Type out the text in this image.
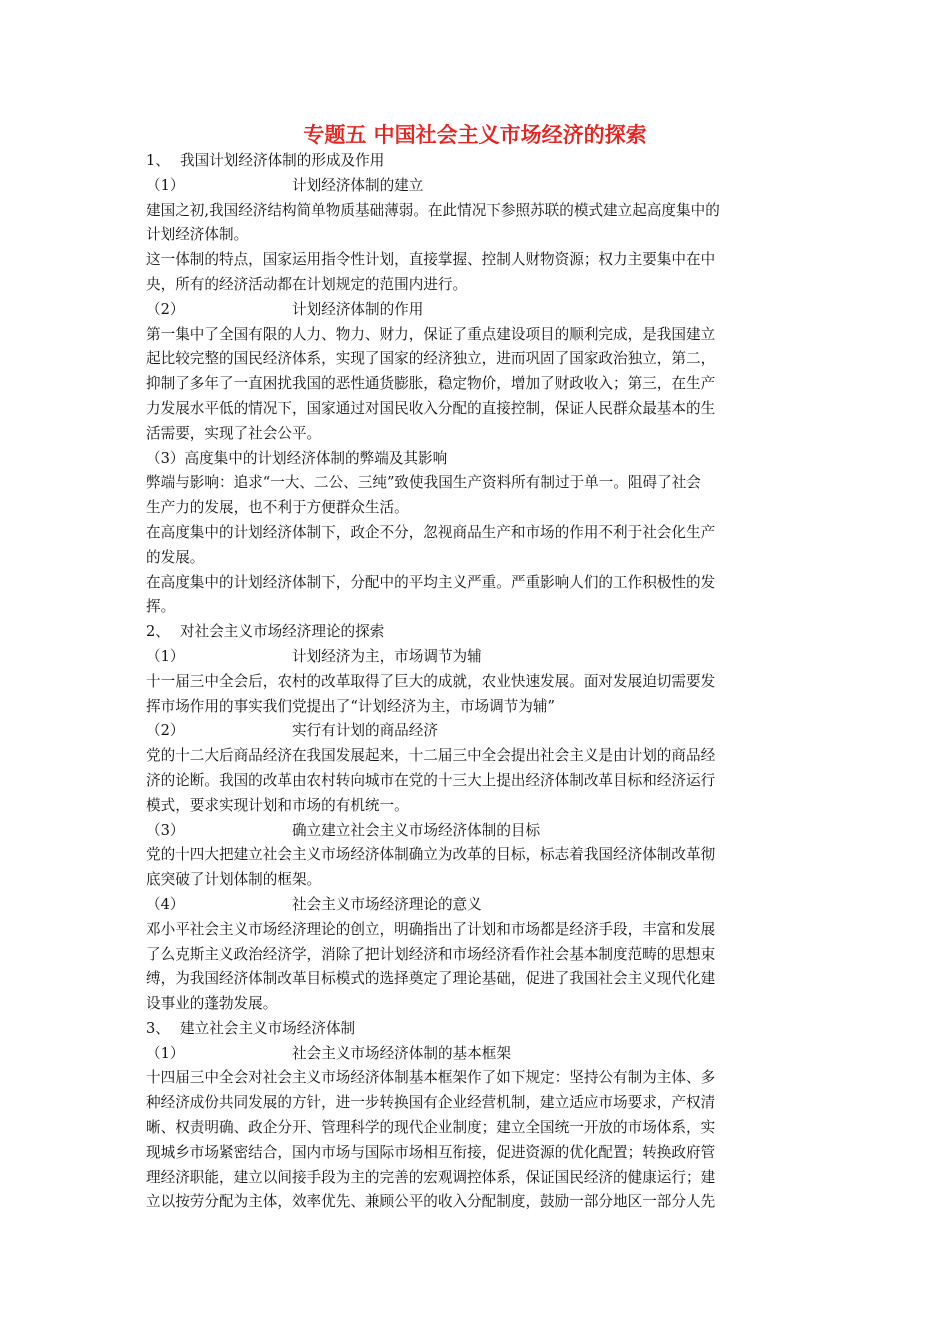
专题五 中国社会主义市场经济的探索
1、 我国计划经济体制的形成及作用
（1）	计划经济体制的建立
建国之初,我国经济结构简单物质基础薄弱。在此情况下参照苏联的模式建立起高度集中的
计划经济体制。
这一体制的特点，国家运用指令性计划，直接掌握、控制人财物资源；权力主要集中在中
央，所有的经济活动都在计划规定的范围内进行。
（2）	计划经济体制的作用
第一集中了全国有限的人力、物力、财力，保证了重点建设项目的顺利完成，是我国建立
起比较完整的国民经济体系，实现了国家的经济独立，进而巩固了国家政治独立，第二，
抑制了多年了一直困扰我国的恶性通货膨胀，稳定物价，增加了财政收入；第三，在生产
力发展水平低的情况下，国家通过对国民收入分配的直接控制，保证人民群众最基本的生
活需要，实现了社会公平。
（3）高度集中的计划经济体制的弊端及其影响
弊端与影响：追求“一大、二公、三纯”致使我国生产资料所有制过于单一。阻碍了社会
生产力的发展，也不利于方便群众生活。
在高度集中的计划经济体制下，政企不分，忽视商品生产和市场的作用不利于社会化生产
的发展。
在高度集中的计划经济体制下，分配中的平均主义严重。严重影响人们的工作积极性的发
挥。
2、 对社会主义市场经济理论的探索
（1）	计划经济为主，市场调节为辅
十一届三中全会后，农村的改革取得了巨大的成就，农业快速发展。面对发展迫切需要发
挥市场作用的事实我们党提出了“计划经济为主，市场调节为辅”
（2）	实行有计划的商品经济
党的十二大后商品经济在我国发展起来，十二届三中全会提出社会主义是由计划的商品经
济的论断。我国的改革由农村转向城市在党的十三大上提出经济体制改革目标和经济运行
模式，要求实现计划和市场的有机统一。
（3）	确立建立社会主义市场经济体制的目标
党的十四大把建立社会主义市场经济体制确立为改革的目标，标志着我国经济体制改革彻
底突破了计划体制的框架。
（4）	社会主义市场经济理论的意义
邓小平社会主义市场经济理论的创立，明确指出了计划和市场都是经济手段，丰富和发展
了么克斯主义政治经济学，消除了把计划经济和市场经济看作社会基本制度范畴的思想束
缚，为我国经济体制改革目标模式的选择奠定了理论基础，促进了我国社会主义现代化建
设事业的蓬勃发展。
3、 建立社会主义市场经济体制
（1）	社会主义市场经济体制的基本框架
十四届三中全会对社会主义市场经济体制基本框架作了如下规定：坚持公有制为主体、多
种经济成份共同发展的方针，进一步转换国有企业经营机制，建立适应市场要求，产权清
晰、权责明确、政企分开、管理科学的现代企业制度；建立全国统一开放的市场体系，实
现城乡市场紧密结合，国内市场与国际市场相互衔接，促进资源的优化配置；转换政府管
理经济职能，建立以间接手段为主的完善的宏观调控体系，保证国民经济的健康运行；建
立以按劳分配为主体，效率优先、兼顾公平的收入分配制度，鼓励一部分地区一部分人先
